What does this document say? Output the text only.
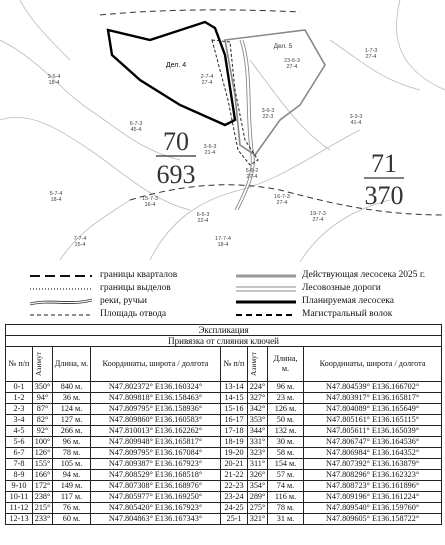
70
693	71
370
Дел. 4
Дел. 5
2-7-4 27-4
6-7-3 45-4
3-6-3 21-4
3-6-3 22-3
5-6-2 27-4
23-6-3 27-4
1-7-3 27-4
3-3-3 41-4
16-7-3 27-4
19-7-3 27-4
17-7-4 18-4
5-7-4 18-4
6-6-3 22-4
7-7-4 15-4
15-7-3 16-4
3-6-4 18-4
границы кварталов
границы выделов
реки, ручьи
Площадь отвода
Действующая лесосека 2025 г.
Лесовозные дороги
Планируемая лесосека
Магистральный волок
Экспликация							
Привязка от слияния ключей							
№ п/п	Азимут	Длина, м.	Координаты, широта / долгота	№ п/п	Азимут	Длина, м.	Координаты, широта / долгота
0-1	350°	840 м.	N47.802372° E136.160324°	13-14	224°	96 м.	N47.804539° E136.166702°
1-2	94°	36 м.	N47.809818° E136.158463°	14-15	327°	23 м.	N47.803917° E136.165817°
2-3	87°	124 м.	N47.809795° E136.158936°	15-16	342°	126 м.	N47.804089° E136.165649°
3-4	82°	127 м.	N47.809860° E136.160583°	16-17	353°	50 м.	N47.805161° E136.165115°
4-5	92°	266 м.	N47.810013° E136.162262°	17-18	344°	132 м.	N47.805611° E136.165039°
5-6	100°	96 м.	N47.809948° E136.165817°	18-19	331°	30 м.	N47.806747° E136.164536°
6-7	126°	78 м.	N47.809795° E136.167084°	19-20	323°	58 м.	N47.806984° E136.164352°
7-8	155°	105 м.	N47.809387° E136.167923°	20-21	311°	154 м.	N47.807392° E136.163879°
8-9	166°	94 м.	N47.808529° E136.168518°	21-22	326°	57 м.	N47.808296° E136.162323°
9-10	172°	149 м.	N47.807308° E136.168976°	22-23	354°	74 м.	N47.808723° E136.161896°
10-11	238°	117 м.	N47.805977° E136.169250°	23-24	289°	116 м.	N47.809196° E136.161224°
11-12	215°	76 м.	N47.805420° E136.167923°	24-25	275°	78 м.	N47.809540° E136.159760°
12-13	233°	60 м.	N47.804863° E136.167343°	25-1	321°	31 м.	N47.809605° E136.158722°
